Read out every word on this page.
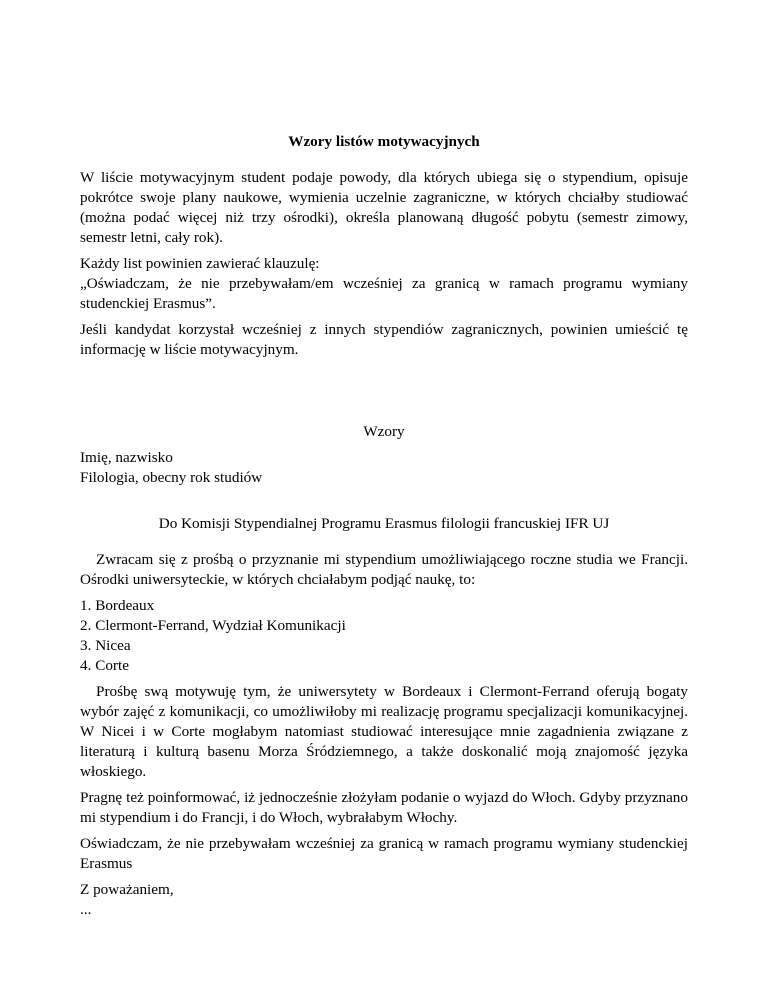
Wzory listów motywacyjnych

W liście motywacyjnym student podaje powody, dla których ubiega się o stypendium, opisuje pokrótce swoje plany naukowe, wymienia uczelnie zagraniczne, w których chciałby studiować (można podać więcej niż trzy ośrodki), określa planowaną długość pobytu (semestr zimowy, semestr letni, cały rok).

Każdy list powinien zawierać klauzulę:

„Oświadczam, że nie przebywałam/em wcześniej za granicą w ramach programu wymiany studenckiej Erasmus”.

Jeśli kandydat korzystał wcześniej z innych stypendiów zagranicznych, powinien umieścić tę informację w liście motywacyjnym.

Wzory

Imię, nazwisko

Filologia, obecny rok studiów

Do Komisji Stypendialnej Programu Erasmus filologii francuskiej IFR UJ

Zwracam się z prośbą o przyznanie mi stypendium umożliwiającego roczne studia we Francji. Ośrodki uniwersyteckie, w których chciałabym podjąć naukę, to:

1. Bordeaux
2. Clermont-Ferrand, Wydział Komunikacji
3. Nicea
4. Corte

Prośbę swą motywuję tym, że uniwersytety w Bordeaux i Clermont-Ferrand oferują bogaty wybór zajęć z komunikacji, co umożliwiłoby mi realizację programu specjalizacji komunikacyjnej. W Nicei i w Corte mogłabym natomiast studiować interesujące mnie zagadnienia związane z literaturą i kulturą basenu Morza Śródziemnego, a także doskonalić moją znajomość języka włoskiego.

Pragnę też poinformować, iż jednocześnie złożyłam podanie o wyjazd do Włoch. Gdyby przyznano mi stypendium i do Francji, i do Włoch, wybrałabym Włochy.

Oświadczam, że nie przebywałam wcześniej za granicą w ramach programu wymiany studenckiej Erasmus

Z poważaniem,

...
